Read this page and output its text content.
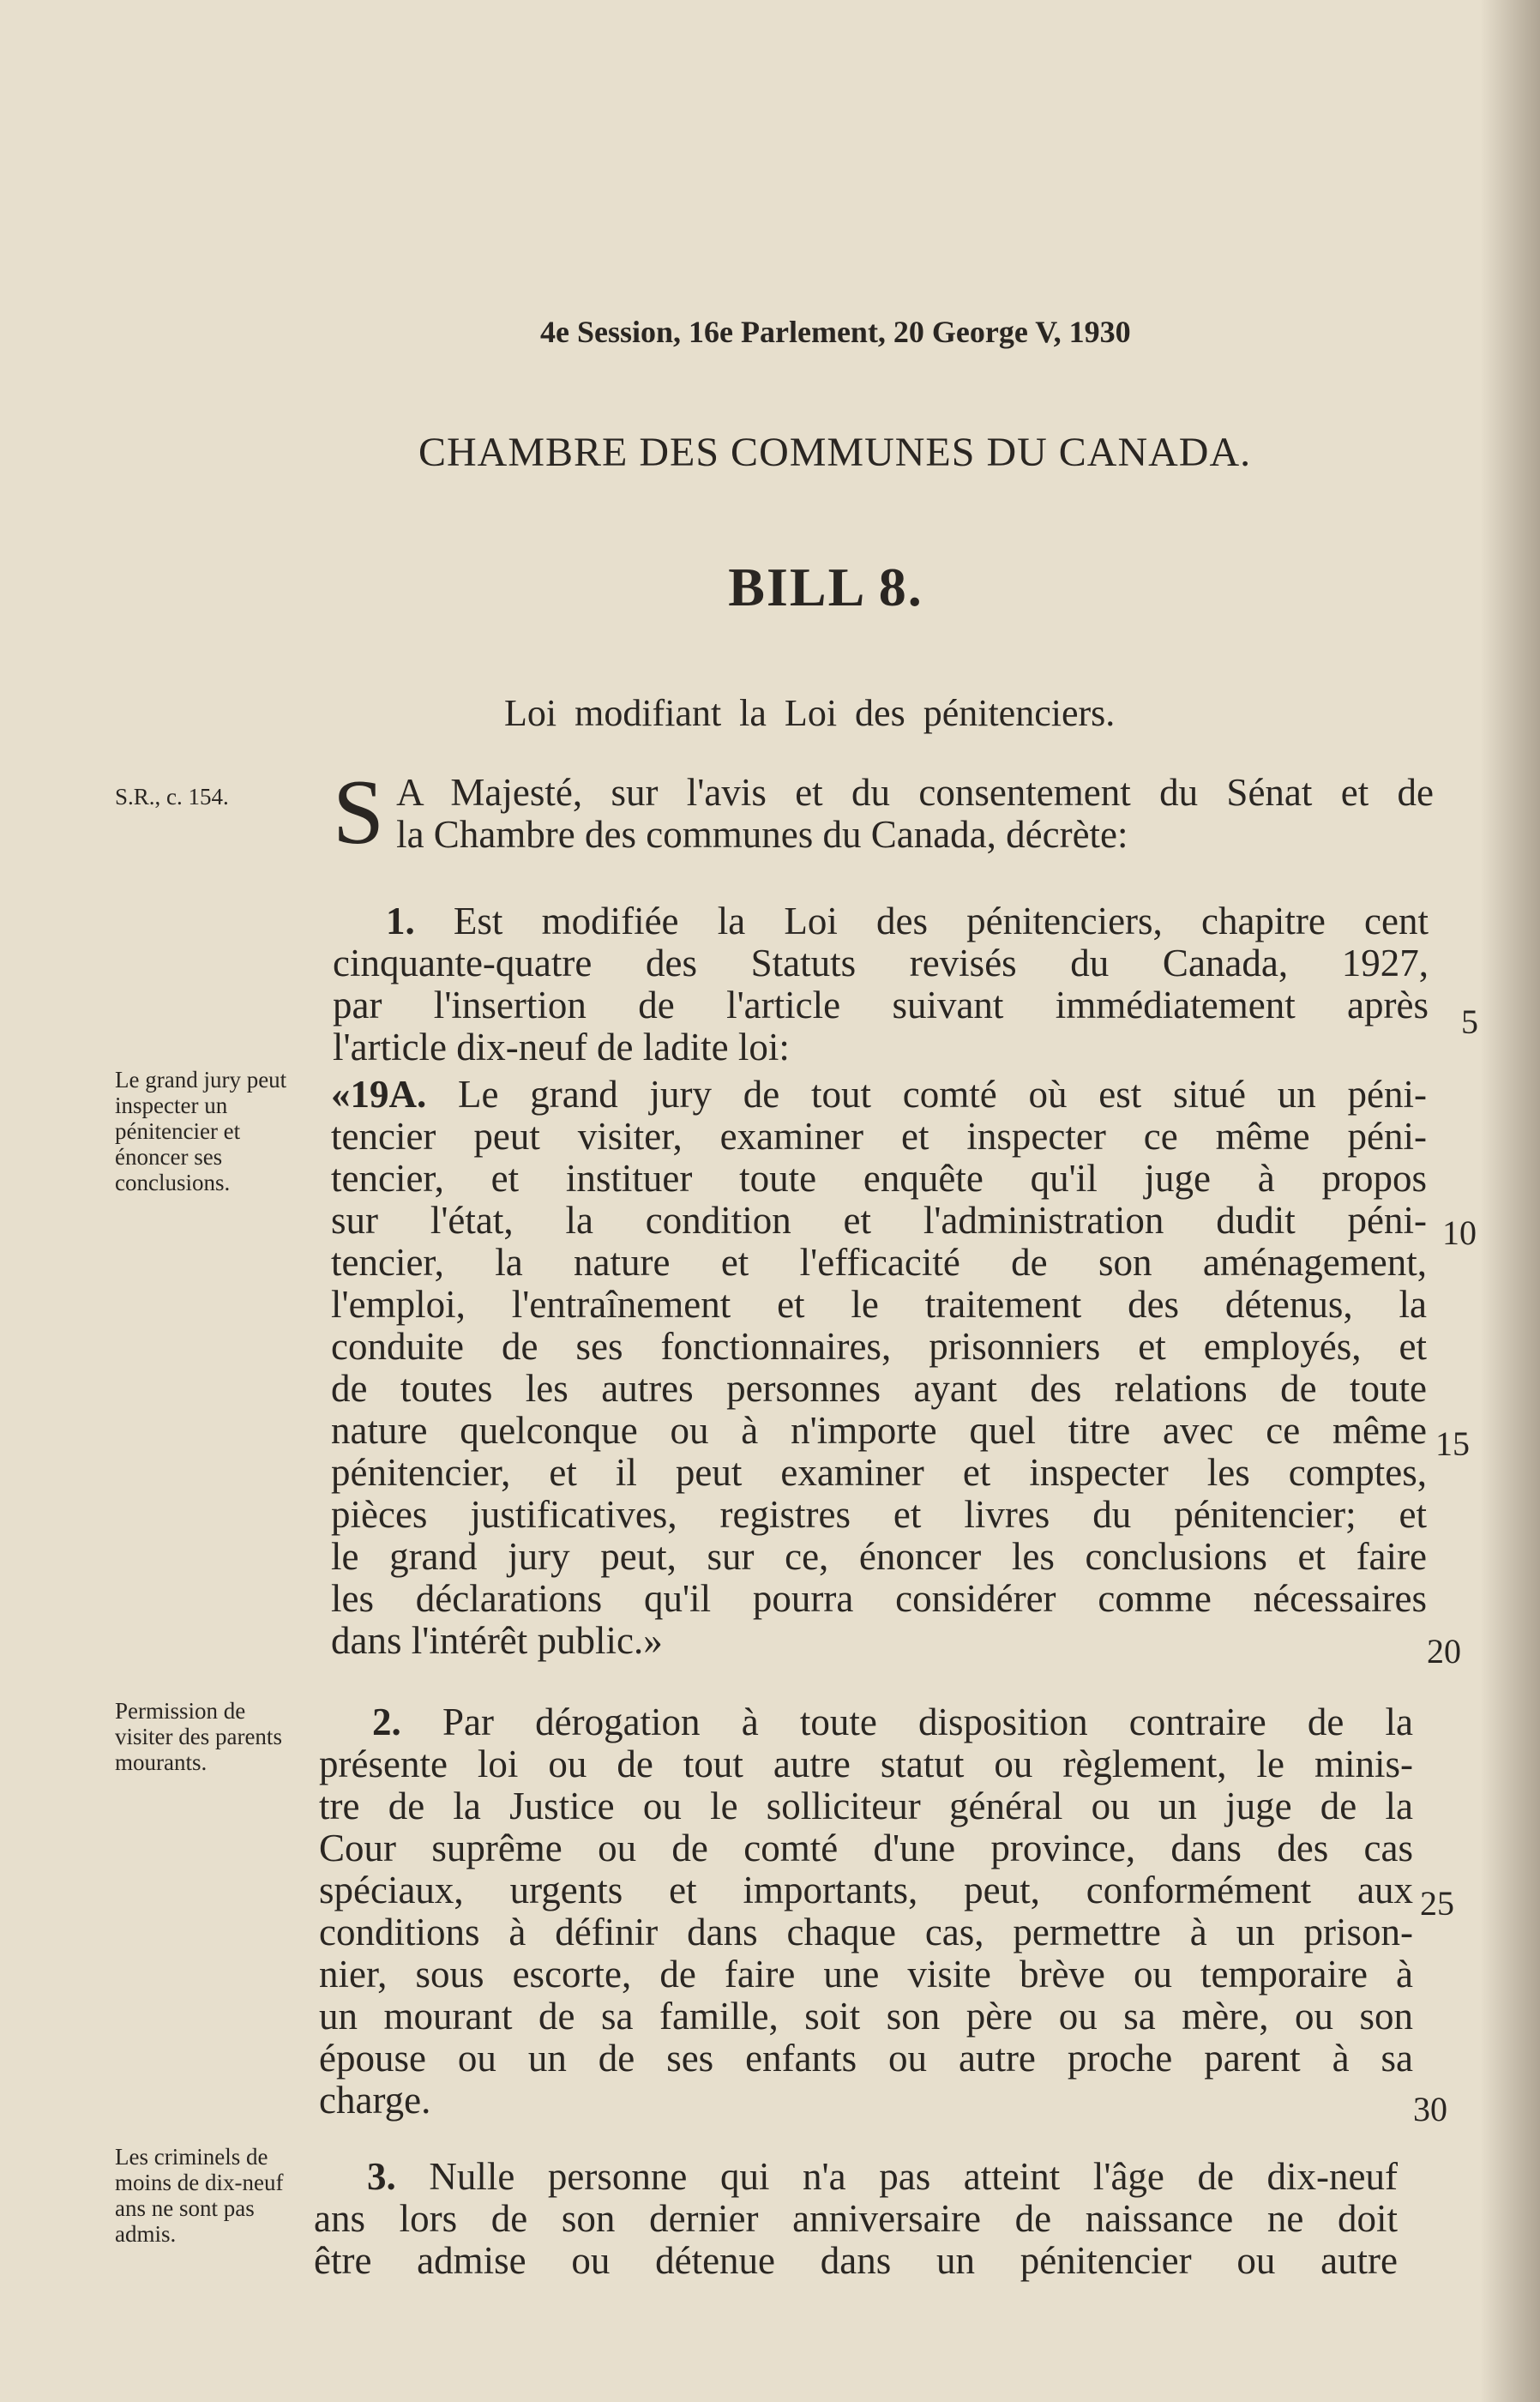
4e Session, 16e Parlement, 20 George V, 1930
CHAMBRE DES COMMUNES DU CANADA.
BILL 8.
Loi modifiant la Loi des pénitenciers.
S.R., c. 154.
Le grand jury peut inspecter un pénitencier et énoncer ses conclusions.
Permission de visiter des parents mourants.
Les criminels de moins de dix-neuf ans ne sont pas admis.
S A Majesté, sur l'avis et du consentement du Sénat et de
la Chambre des communes du Canada, décrète:
1. Est modifiée la Loi des pénitenciers, chapitre cent
cinquante-quatre des Statuts revisés du Canada, 1927,
par l'insertion de l'article suivant immédiatement après
l'article dix-neuf de ladite loi:
«19A. Le grand jury de tout comté où est situé un péni-
tencier peut visiter, examiner et inspecter ce même péni-
tencier, et instituer toute enquête qu'il juge à propos
sur l'état, la condition et l'administration dudit péni-
tencier, la nature et l'efficacité de son aménagement,
l'emploi, l'entraînement et le traitement des détenus, la
conduite de ses fonctionnaires, prisonniers et employés, et
de toutes les autres personnes ayant des relations de toute
nature quelconque ou à n'importe quel titre avec ce même
pénitencier, et il peut examiner et inspecter les comptes,
pièces justificatives, registres et livres du pénitencier; et
le grand jury peut, sur ce, énoncer les conclusions et faire
les déclarations qu'il pourra considérer comme nécessaires
dans l'intérêt public.»
2. Par dérogation à toute disposition contraire de la
présente loi ou de tout autre statut ou règlement, le minis-
tre de la Justice ou le solliciteur général ou un juge de la
Cour suprême ou de comté d'une province, dans des cas
spéciaux, urgents et importants, peut, conformément aux
conditions à définir dans chaque cas, permettre à un prison-
nier, sous escorte, de faire une visite brève ou temporaire à
un mourant de sa famille, soit son père ou sa mère, ou son
épouse ou un de ses enfants ou autre proche parent à sa
charge.
3. Nulle personne qui n'a pas atteint l'âge de dix-neuf
ans lors de son dernier anniversaire de naissance ne doit
être admise ou détenue dans un pénitencier ou autre
5
10
15
20
25
30
